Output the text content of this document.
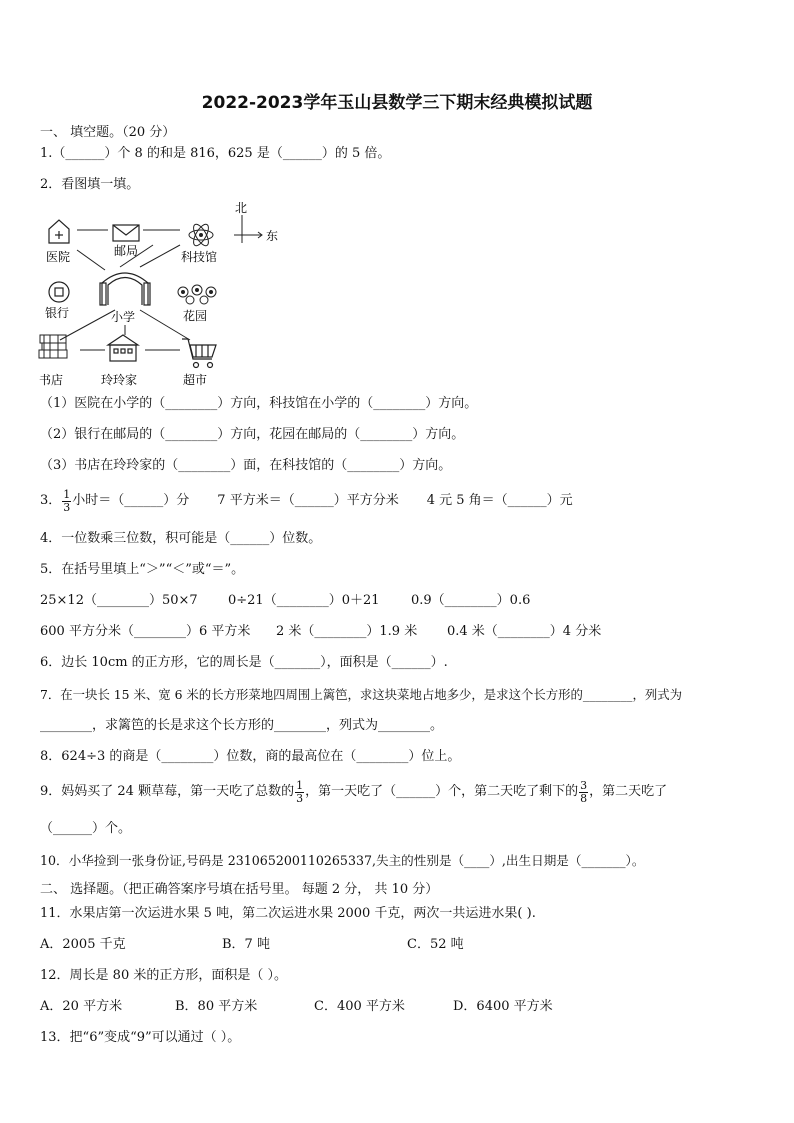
2022-2023学年玉山县数学三下期末经典模拟试题
一、 填空题。（20 分）
1.（______）个 8 的和是 816，625 是（______）的 5 倍。
2．看图填一填。
医院	邮局	科技馆
北
东
银行	小学	花园
书店	玲玲家	超市
（1）医院在小学的（________）方向，科技馆在小学的（________）方向。
（2）银行在邮局的（________）方向，花园在邮局的（________）方向。
（3）书店在玲玲家的（________）面，在科技馆的（________）方向。
3． $\frac{1}{3}$ 小时＝（______）分 7 平方米＝（______）平方分米 4 元 5 角＝（______）元
4．一位数乘三位数，积可能是（______）位数。
5．在括号里填上“＞”“＜”或“＝”。
25×12（________）50×7 0÷21（________）0＋21 0.9（________）0.6
600 平方分米（________）6 平方米 2 米（________）1.9 米 0.4 米（________）4 分米
6．边长 10cm 的正方形，它的周长是（_______），面积是（______）.
7．在一块长 15 米、宽 6 米的长方形菜地四周围上篱笆，求这块菜地占地多少，是求这个长方形的________，列式为
________，求篱笆的长是求这个长方形的________，列式为________。
8．624÷3 的商是（________）位数，商的最高位在（________）位上。
9．妈妈买了 24 颗草莓，第一天吃了总数的 $\frac{1}{3}$ ，第一天吃了（______）个，第二天吃了剩下的 $\frac{3}{8}$ ，第二天吃了
（______）个。
10．小华捡到一张身份证,号码是 231065200110265337,失主的性别是（____）,出生日期是（_______）。
二、 选择题。（把正确答案序号填在括号里。 每题 2 分， 共 10 分）
11．水果店第一次运进水果 5 吨，第二次运进水果 2000 千克，两次一共运进水果( ).
A．2005 千克	B．7 吨	C．52 吨
12．周长是 80 米的正方形，面积是（ ）。
A．20 平方米	B．80 平方米	C．400 平方米	D．6400 平方米
13．把“6”变成“9”可以通过（ ）。
